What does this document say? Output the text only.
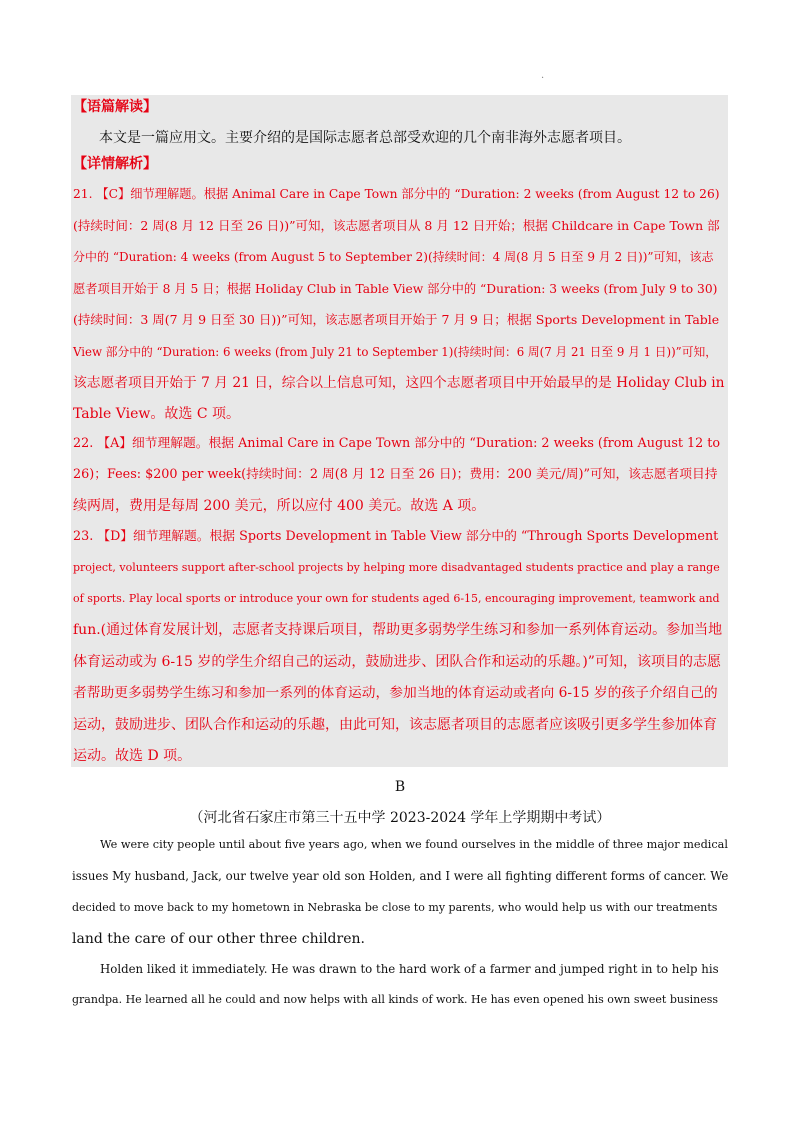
·
【语篇解读】
本文是一篇应用文。主要介绍的是国际志愿者总部受欢迎的几个南非海外志愿者项目。
【详情解析】
21. 【C】细节理解题。根据 Animal Care in Cape Town 部分中的 “Duration: 2 weeks (from August 12 to 26)
(持续时间：2 周(8 月 12 日至 26 日))”可知，该志愿者项目从 8 月 12 日开始；根据 Childcare in Cape Town 部
分中的 “Duration: 4 weeks (from August 5 to September 2)(持续时间：4 周(8 月 5 日至 9 月 2 日))”可知，该志
愿者项目开始于 8 月 5 日；根据 Holiday Club in Table View 部分中的 “Duration: 3 weeks (from July 9 to 30)
(持续时间：3 周(7 月 9 日至 30 日))”可知，该志愿者项目开始于 7 月 9 日；根据 Sports Development in Table
View 部分中的 “Duration: 6 weeks (from July 21 to September 1)(持续时间：6 周(7 月 21 日至 9 月 1 日))”可知，
该志愿者项目开始于 7 月 21 日，综合以上信息可知，这四个志愿者项目中开始最早的是 Holiday Club in
Table View。故选 C 项。
22. 【A】细节理解题。根据 Animal Care in Cape Town 部分中的 “Duration: 2 weeks (from August 12 to
26)；Fees: $200 per week(持续时间：2 周(8 月 12 日至 26 日)；费用：200 美元/周)”可知，该志愿者项目持
续两周，费用是每周 200 美元，所以应付 400 美元。故选 A 项。
23. 【D】细节理解题。根据 Sports Development in Table View 部分中的 “Through Sports Development
project, volunteers support after-school projects by helping more disadvantaged students practice and play a range
of sports. Play local sports or introduce your own for students aged 6-15, encouraging improvement, teamwork and
fun.(通过体育发展计划，志愿者支持课后项目，帮助更多弱势学生练习和参加一系列体育运动。参加当地
体育运动或为 6-15 岁的学生介绍自己的运动，鼓励进步、团队合作和运动的乐趣。)”可知，该项目的志愿
者帮助更多弱势学生练习和参加一系列的体育运动，参加当地的体育运动或者向 6-15 岁的孩子介绍自己的
运动，鼓励进步、团队合作和运动的乐趣，由此可知，该志愿者项目的志愿者应该吸引更多学生参加体育
运动。故选 D 项。
B
（河北省石家庄市第三十五中学 2023-2024 学年上学期期中考试）
We were city people until about five years ago, when we found ourselves in the middle of three major medical
issues My husband, Jack, our twelve year old son Holden, and I were all fighting different forms of cancer. We
decided to move back to my hometown in Nebraska be close to my parents, who would help us with our treatments
land the care of our other three children.
Holden liked it immediately. He was drawn to the hard work of a farmer and jumped right in to help his
grandpa. He learned all he could and now helps with all kinds of work. He has even opened his own sweet business
